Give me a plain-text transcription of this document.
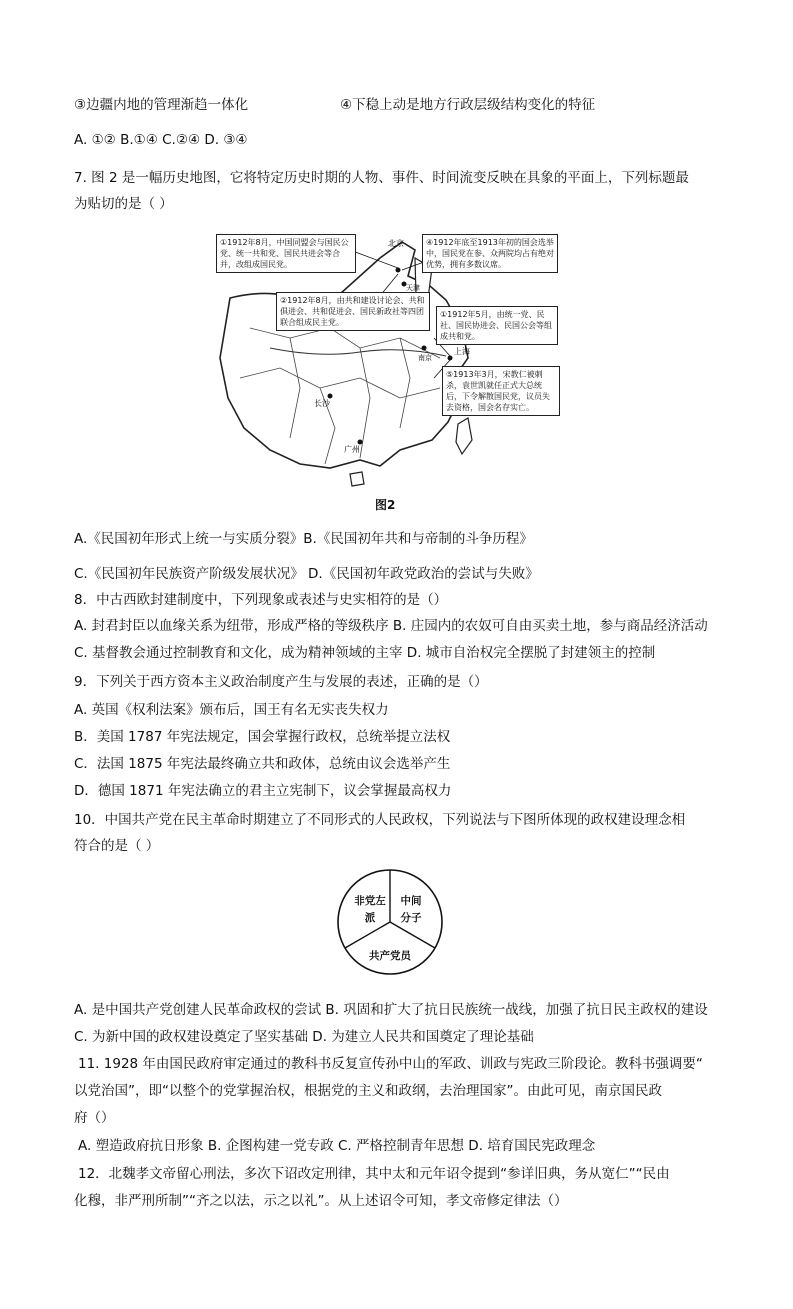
③边疆内地的管理渐趋一体化	④下稳上动是地方行政层级结构变化的特征
A. ①② B.①④ C.②④ D. ③④
7. 图 2 是一幅历史地图，它将特定历史时期的人物、事件、时间流变反映在具象的平面上，下列标题最
为贴切的是（ ）
北京
天津
上海
南京
长沙
广州
①1912年8月，中国同盟会与国民公党、统一共和党、国民共进会等合并，改组成国民党。
④1912年底至1913年初的国会选举中，国民党在参、众两院均占有绝对优势，拥有多数议席。
②1912年8月，由共和建设讨论会、共和俱进会、共和促进会、国民新政社等四团联合组成民主党。
①1912年5月，由统一党、民社、国民协进会、民国公会等组成共和党。
⑤1913年3月，宋教仁被刺杀，袁世凯就任正式大总统后，下令解散国民党，议员失去资格，国会名存实亡。
图2
A.《民国初年形式上统一与实质分裂》B.《民国初年共和与帝制的斗争历程》
C.《民国初年民族资产阶级发展状况》 D.《民国初年政党政治的尝试与失败》
8．中古西欧封建制度中，下列现象或表述与史实相符的是（）
A. 封君封臣以血缘关系为纽带，形成严格的等级秩序 B. 庄园内的农奴可自由买卖土地，参与商品经济活动
C. 基督教会通过控制教育和文化，成为精神领域的主宰 D. 城市自治权完全摆脱了封建领主的控制
9．下列关于西方资本主义政治制度产生与发展的表述，正确的是（）
A. 英国《权利法案》颁布后，国王有名无实丧失权力
B．美国 1787 年宪法规定，国会掌握行政权，总统举提立法权
C．法国 1875 年宪法最终确立共和政体，总统由议会选举产生
D．德国 1871 年宪法确立的君主立宪制下，议会掌握最高权力
10．中国共产党在民主革命时期建立了不同形式的人民政权，下列说法与下图所体现的政权建设理念相
符合的是（ ）
非党左派
中间分子
共产党员
A. 是中国共产党创建人民革命政权的尝试 B. 巩固和扩大了抗日民族统一战线，加强了抗日民主政权的建设
C. 为新中国的政权建设奠定了坚实基础 D. 为建立人民共和国奠定了理论基础
11. 1928 年由国民政府审定通过的教科书反复宣传孙中山的军政、训政与宪政三阶段论。教科书强调要“
以党治国”，即“以整个的党掌握治权，根据党的主义和政纲，去治理国家”。由此可见，南京国民政
府（）
A. 塑造政府抗日形象 B. 企图构建一党专政 C. 严格控制青年思想 D. 培育国民宪政理念
12．北魏孝文帝留心刑法，多次下诏改定刑律，其中太和元年诏令提到“参详旧典，务从宽仁”“民由
化穆，非严刑所制”“齐之以法，示之以礼”。从上述诏令可知，孝文帝修定律法（）
